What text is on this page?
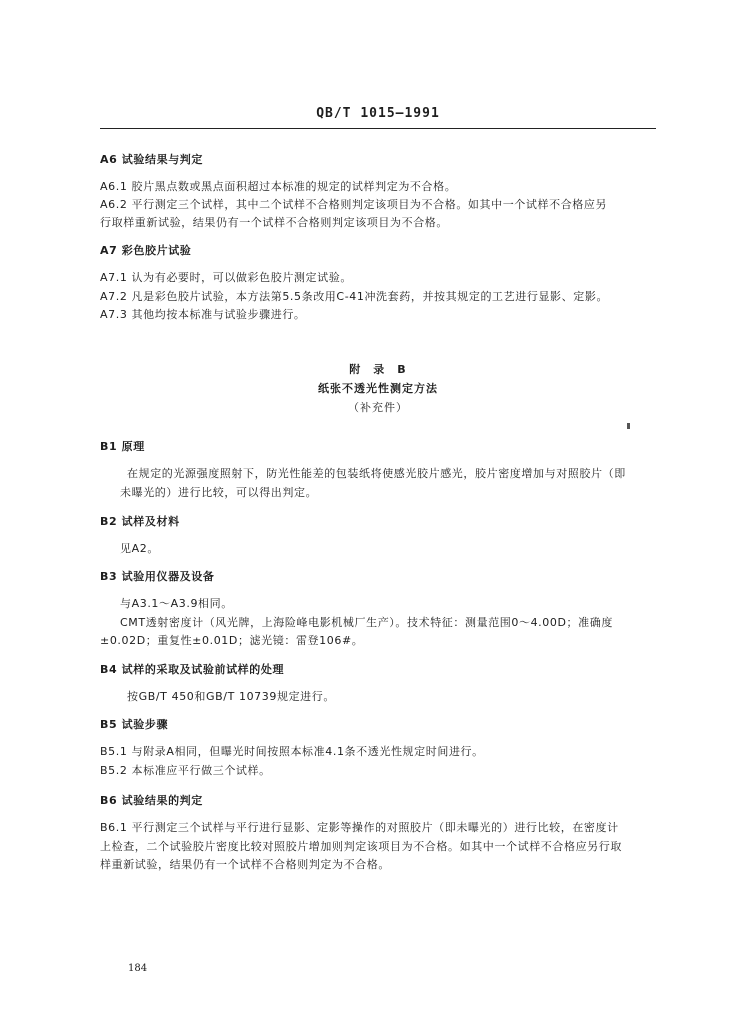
QB/T 1015—1991
A6 试验结果与判定
A6.1 胶片黑点数或黑点面积超过本标准的规定的试样判定为不合格。
A6.2 平行测定三个试样，其中二个试样不合格则判定该项目为不合格。如其中一个试样不合格应另
行取样重新试验，结果仍有一个试样不合格则判定该项目为不合格。
A7 彩色胶片试验
A7.1 认为有必要时，可以做彩色胶片测定试验。
A7.2 凡是彩色胶片试验，本方法第5.5条改用C-41冲洗套药，并按其规定的工艺进行显影、定影。
A7.3 其他均按本标准与试验步骤进行。
附　录　B
纸张不透光性测定方法
（补充件）
B1 原理
在规定的光源强度照射下，防光性能差的包装纸将使感光胶片感光，胶片密度增加与对照胶片（即
未曝光的）进行比较，可以得出判定。
B2 试样及材料
见A2。
B3 试验用仪器及设备
与A3.1～A3.9相同。
CMT透射密度计（风光牌，上海险峰电影机械厂生产）。技术特征：测量范围0～4.00D；准确度
±0.02D；重复性±0.01D；滤光镜：雷登106#。
B4 试样的采取及试验前试样的处理
按GB/T 450和GB/T 10739规定进行。
B5 试验步骤
B5.1 与附录A相同，但曝光时间按照本标准4.1条不透光性规定时间进行。
B5.2 本标准应平行做三个试样。
B6 试验结果的判定
B6.1 平行测定三个试样与平行进行显影、定影等操作的对照胶片（即未曝光的）进行比较，在密度计
上检查，二个试验胶片密度比较对照胶片增加则判定该项目为不合格。如其中一个试样不合格应另行取
样重新试验，结果仍有一个试样不合格则判定为不合格。
184
